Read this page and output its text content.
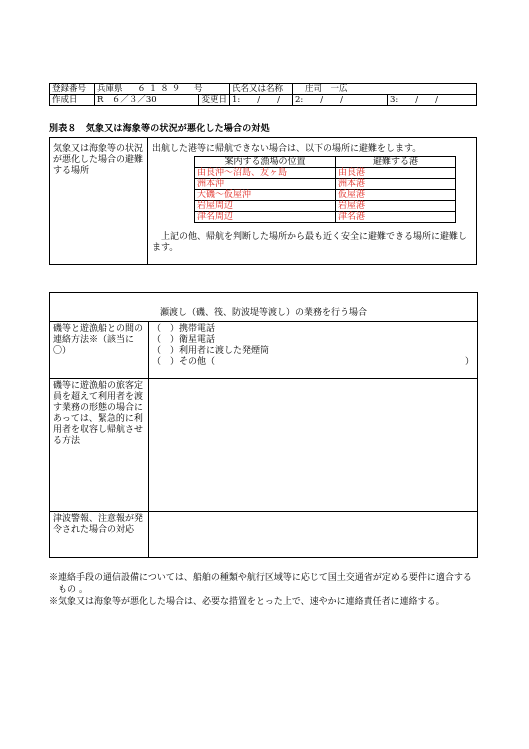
登録番号	兵庫県 ６１８９ 号	氏名又は名称	庄司　一広	
作成日	R　６／３／30 変更日	1:　　/　　/	2:　　/　　/	3:　　/　　/
別表８　気象又は海象等の状況が悪化した場合の対処
気象又は海象等の状況が悪化した場合の避難する場所
出航した港等に帰航できない場合は、以下の場所に避難をします。
案内する漁場の位置	避難する港
由良沖～沼島、友ヶ島	由良港
洲本沖	洲本港
大磯～仮屋沖	仮屋港
岩屋周辺	岩屋港
津名周辺	津名港
上記の他、帰航を判断した場所から最も近く安全に避難できる場所に避難します。
瀬渡し（磯、筏、防波堤等渡し）の業務を行う場合	
磯等と遊漁船との間の連絡方法※（該当に〇）	（　）携帯電話
（　）衛星電話
（　）利用者に渡した発煙筒
（　）その他（ ）

磯等に遊漁船の旅客定員を超えて利用者を渡す業務の形態の場合にあっては、緊急的に利用者を収容し帰航させる方法	
津波警報、注意報が発令された場合の対応	
※連絡手段の通信設備については、船舶の種類や航行区域等に応じて国土交通省が定める要件に適合するもの 。
※気象又は海象等が悪化した場合は、必要な措置をとった上で、速やかに連絡責任者に連絡する。
